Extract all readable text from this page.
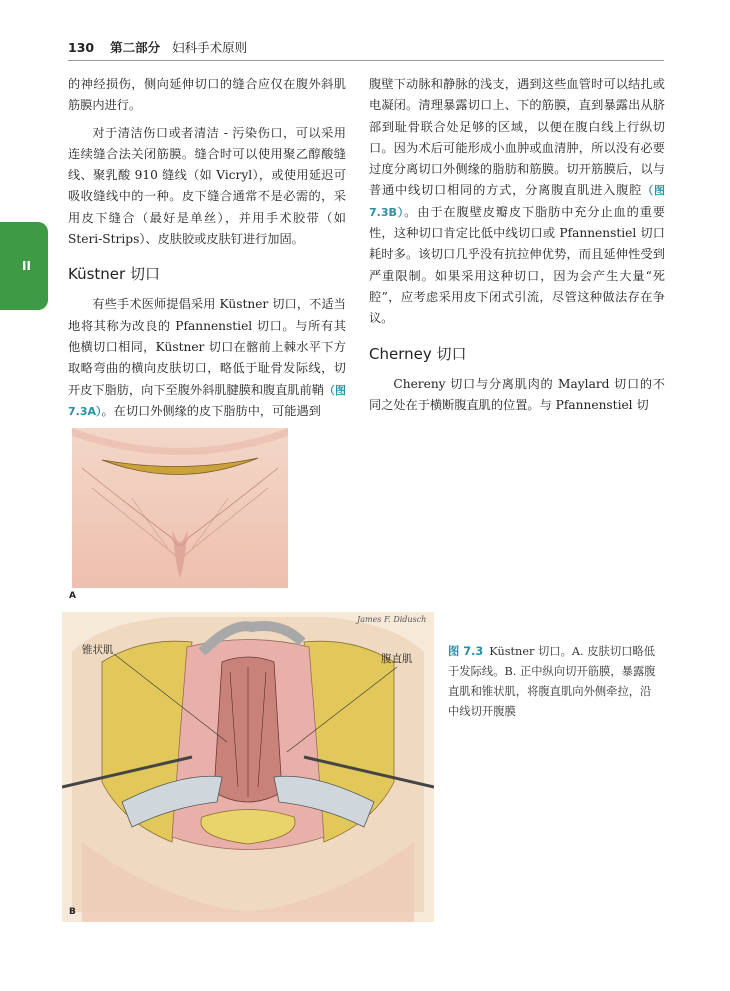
130 第二部分 妇科手术原则
II

的神经损伤，侧向延伸切口的缝合应仅在腹外斜肌筋膜内进行。

对于清洁伤口或者清洁 - 污染伤口，可以采用连续缝合法关闭筋膜。缝合时可以使用聚乙醇酸缝线、聚乳酸 910 缝线（如 Vicryl），或使用延迟可吸收缝线中的一种。皮下缝合通常不是必需的，采用皮下缝合（最好是单丝），并用手术胶带（如 Steri-Strips）、皮肤胶或皮肤钉进行加固。

Küstner 切口

有些手术医师提倡采用 Küstner 切口，不适当地将其称为改良的 Pfannenstiel 切口。与所有其他横切口相同，Küstner 切口在髂前上棘水平下方取略弯曲的横向皮肤切口，略低于耻骨发际线，切开皮下脂肪，向下至腹外斜肌腱膜和腹直肌前鞘（图 7.3A）。在切口外侧缘的皮下脂肪中，可能遇到

腹壁下动脉和静脉的浅支，遇到这些血管时可以结扎或电凝闭。清理暴露切口上、下的筋膜，直到暴露出从脐部到耻骨联合处足够的区域，以便在腹白线上行纵切口。因为术后可能形成小血肿或血清肿，所以没有必要过度分离切口外侧缘的脂肪和筋膜。切开筋膜后，以与普通中线切口相同的方式，分离腹直肌进入腹腔（图 7.3B）。由于在腹壁皮瓣皮下脂肪中充分止血的重要性，这种切口肯定比低中线切口或 Pfannenstiel 切口耗时多。该切口几乎没有抗拉伸优势，而且延伸性受到严重限制。如果采用这种切口，因为会产生大量“死腔”，应考虑采用皮下闭式引流，尽管这种做法存在争议。

Cherney 切口

Chereny 切口与分离肌肉的 Maylard 切口的不同之处在于横断腹直肌的位置。与 Pfannenstiel 切

A
锥状肌
腹直肌
James F. Didusch
B
图 7.3 Küstner 切口。A. 皮肤切口略低于发际线。B. 正中纵向切开筋膜，暴露腹直肌和锥状肌，将腹直肌向外侧牵拉，沿中线切开腹膜
